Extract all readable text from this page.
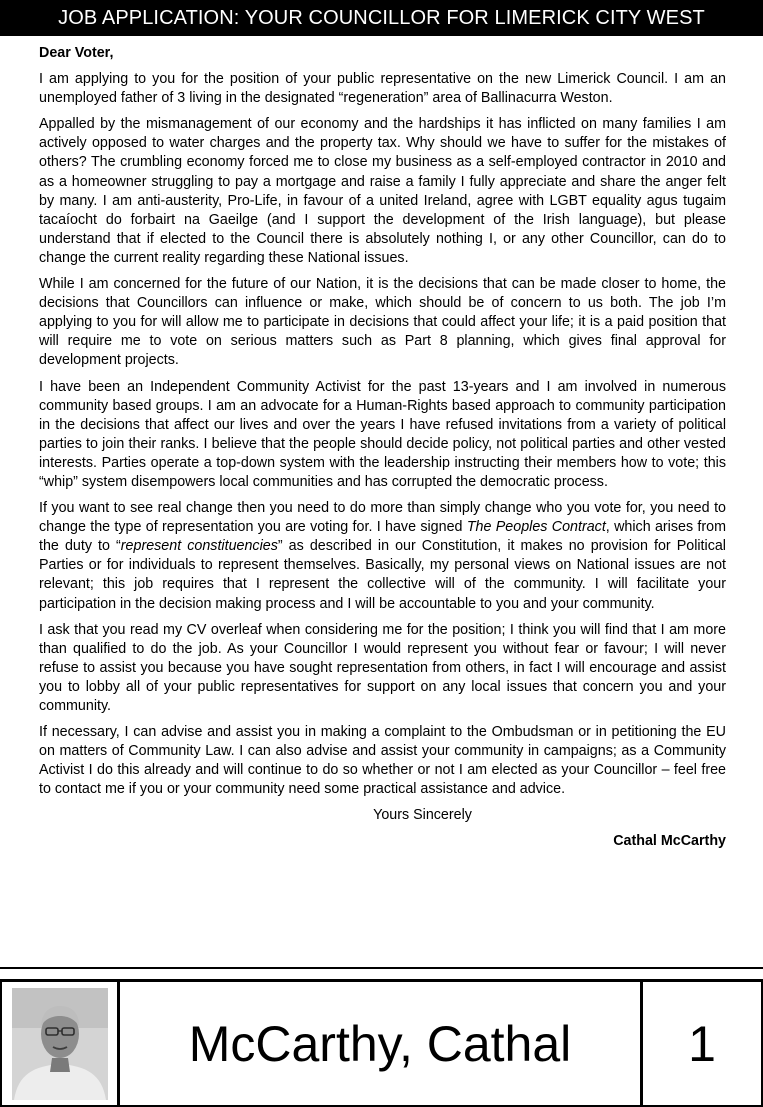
JOB APPLICATION: YOUR COUNCILLOR FOR LIMERICK CITY WEST
Dear Voter,

I am applying to you for the position of your public representative on the new Limerick Council. I am an unemployed father of 3 living in the designated “regeneration” area of Ballinacurra Weston.

Appalled by the mismanagement of our economy and the hardships it has inflicted on many families I am actively opposed to water charges and the property tax. Why should we have to suffer for the mistakes of others? The crumbling economy forced me to close my business as a self-employed contractor in 2010 and as a homeowner struggling to pay a mortgage and raise a family I fully appreciate and share the anger felt by many. I am anti-austerity, Pro-Life, in favour of a united Ireland, agree with LGBT equality agus tugaim tacaíocht do forbairt na Gaeilge (and I support the development of the Irish language), but please understand that if elected to the Council there is absolutely nothing I, or any other Councillor, can do to change the current reality regarding these National issues.

While I am concerned for the future of our Nation, it is the decisions that can be made closer to home, the decisions that Councillors can influence or make, which should be of concern to us both. The job I’m applying to you for will allow me to participate in decisions that could affect your life; it is a paid position that will require me to vote on serious matters such as Part 8 planning, which gives final approval for development projects.

I have been an Independent Community Activist for the past 13-years and I am involved in numerous community based groups. I am an advocate for a Human-Rights based approach to community participation in the decisions that affect our lives and over the years I have refused invitations from a variety of political parties to join their ranks. I believe that the people should decide policy, not political parties and other vested interests. Parties operate a top-down system with the leadership instructing their members how to vote; this “whip” system disempowers local communities and has corrupted the democratic process.

If you want to see real change then you need to do more than simply change who you vote for, you need to change the type of representation you are voting for. I have signed The Peoples Contract, which arises from the duty to “represent constituencies” as described in our Constitution, it makes no provision for Political Parties or for individuals to represent themselves. Basically, my personal views on National issues are not relevant; this job requires that I represent the collective will of the community. I will facilitate your participation in the decision making process and I will be accountable to you and your community.

I ask that you read my CV overleaf when considering me for the position; I think you will find that I am more than qualified to do the job. As your Councillor I would represent you without fear or favour; I will never refuse to assist you because you have sought representation from others, in fact I will encourage and assist you to lobby all of your public representatives for support on any local issues that concern you and your community.

If necessary, I can advise and assist you in making a complaint to the Ombudsman or in petitioning the EU on matters of Community Law. I can also advise and assist your community in campaigns; as a Community Activist I do this already and will continue to do so whether or not I am elected as your Councillor – feel free to contact me if you or your community need some practical assistance and advice.

Yours Sincerely
Cathal McCarthy
McCarthy, Cathal 1
